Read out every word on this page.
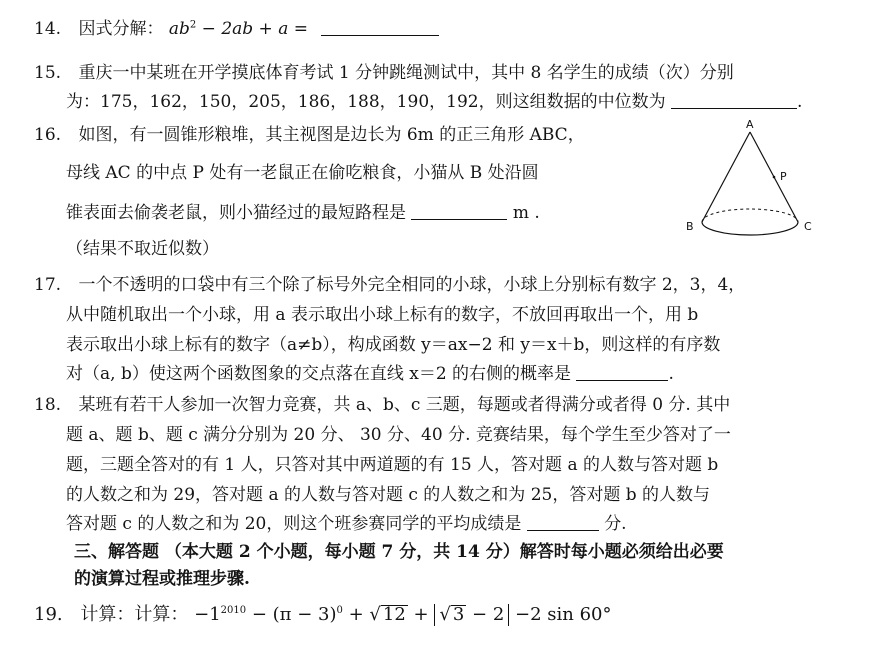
14. 因式分解： $ab^2 - 2ab + a$ =
15. 重庆一中某班在开学摸底体育考试 1 分钟跳绳测试中，其中 8 名学生的成绩（次）分别
为：175，162，150，205，186，188，190，192，则这组数据的中位数为	.
16. 如图，有一圆锥形粮堆，其主视图是边长为 6m 的正三角形 ABC，
母线 AC 的中点 P 处有一老鼠正在偷吃粮食，小猫从 B 处沿圆
锥表面去偷袭老鼠，则小猫经过的最短路程是	m .
（结果不取近似数）
A
B	C
P
17. 一个不透明的口袋中有三个除了标号外完全相同的小球，小球上分别标有数字 2，3，4，
从中随机取出一个小球，用 a 表示取出小球上标有的数字，不放回再取出一个，用 b
表示取出小球上标有的数字（a≠b），构成函数 y＝ax−2 和 y＝x＋b，则这样的有序数
对（a, b）使这两个函数图象的交点落在直线 x＝2 的右侧的概率是	.
18. 某班有若干人参加一次智力竞赛，共 a、b、c 三题，每题或者得满分或者得 0 分. 其中
题 a、题 b、题 c 满分分别为 20 分、 30 分、40 分. 竞赛结果，每个学生至少答对了一
题，三题全答对的有 1 人，只答对其中两道题的有 15 人，答对题 a 的人数与答对题 b
的人数之和为 29，答对题 a 的人数与答对题 c 的人数之和为 25，答对题 b 的人数与
答对题 c 的人数之和为 20，则这个班参赛同学的平均成绩是	分.
三、解答题 （本大题 2 个小题，每小题 7 分，共 14 分）解答时每小题必须给出必要
的演算过程或推理步骤.
19. 计算：计算： $-1^{2010} - (\pi - 3)^0$ + √ 12 + √ 3 − 2 −2 sin 60°
